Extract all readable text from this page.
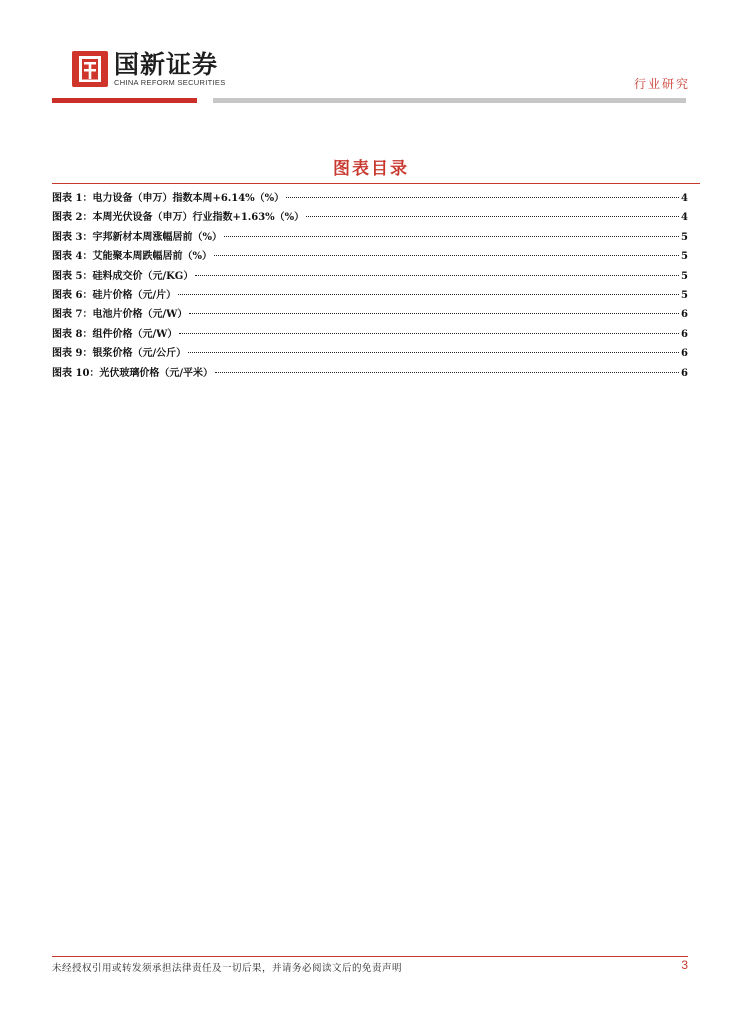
国新证券
CHINA REFORM SECURITIES	行业研究
图表目录
图表 1：电力设备（申万）指数本周+6.14%（%）	4
图表 2：本周光伏设备（申万）行业指数+1.63%（%）	4
图表 3：宇邦新材本周涨幅居前（%）	5
图表 4：艾能聚本周跌幅居前（%）	5
图表 5：硅料成交价（元/KG）	5
图表 6：硅片价格（元/片）	5
图表 7：电池片价格（元/W）	6
图表 8：组件价格（元/W）	6
图表 9：银浆价格（元/公斤）	6
图表 10：光伏玻璃价格（元/平米）	6
未经授权引用或转发须承担法律责任及一切后果，并请务必阅读文后的免责声明	3
